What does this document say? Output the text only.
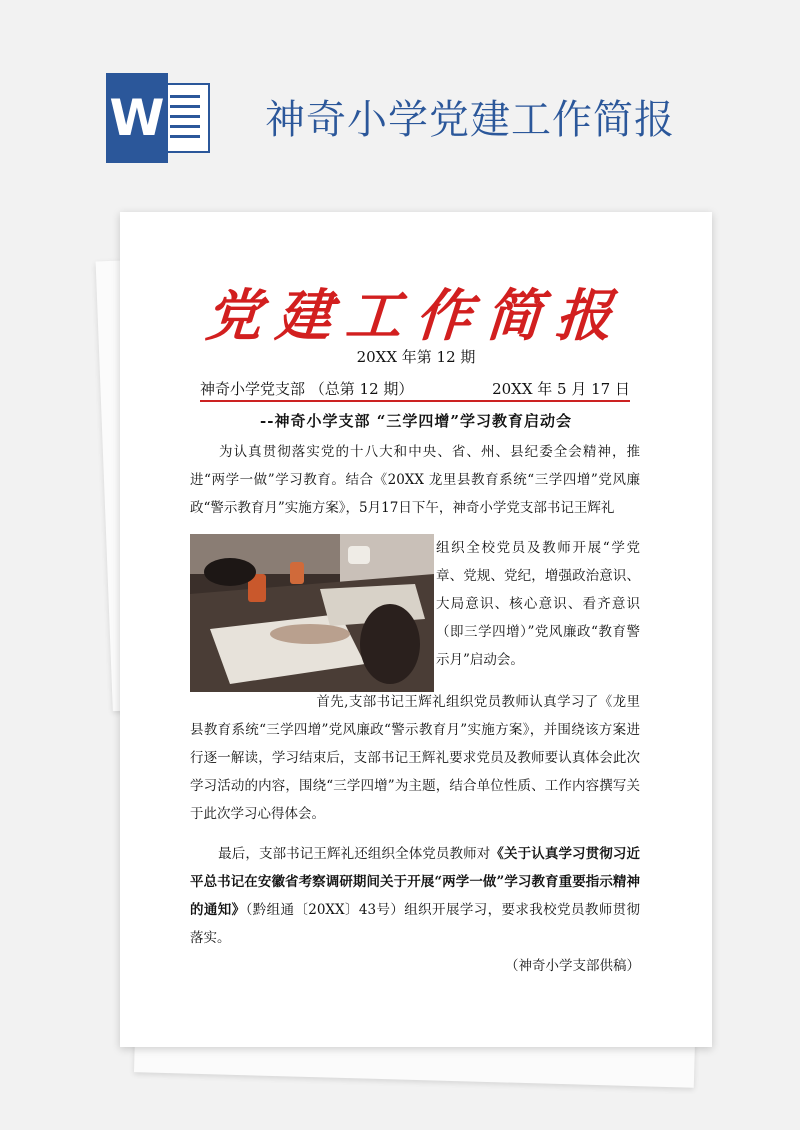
W	神奇小学党建工作简报
党建工作简报
20XX 年第 12 期
神奇小学党支部 （总第 12 期）	20XX 年 5 月 17 日
--神奇小学支部 “三学四增”学习教育启动会
为认真贯彻落实党的十八大和中央、省、州、县纪委全会精神，推进“两学一做”学习教育。结合《20XX 龙里县教育系统“三学四增”党风廉政“警示教育月”实施方案》，5月17日下午，神奇小学党支部书记王辉礼
组织全校党员及教师开展“学党章、党规、党纪，增强政治意识、大局意识、核心意识、看齐意识（即三学四增）”党风廉政“教育警示月”启动会。
首先,支部书记王辉礼组织党员教师认真学习了《龙里县教育系统“三学四增”党风廉政“警示教育月”实施方案》，并围绕该方案进行逐一解读，学习结束后，支部书记王辉礼要求党员及教师要认真体会此次学习活动的内容，围绕“三学四增”为主题，结合单位性质、工作内容撰写关于此次学习心得体会。
最后，支部书记王辉礼还组织全体党员教师对《关于认真学习贯彻习近平总书记在安徽省考察调研期间关于开展“两学一做”学习教育重要指示精神的通知》（黔组通〔20XX〕43号）组织开展学习，要求我校党员教师贯彻落实。
（神奇小学支部供稿）
